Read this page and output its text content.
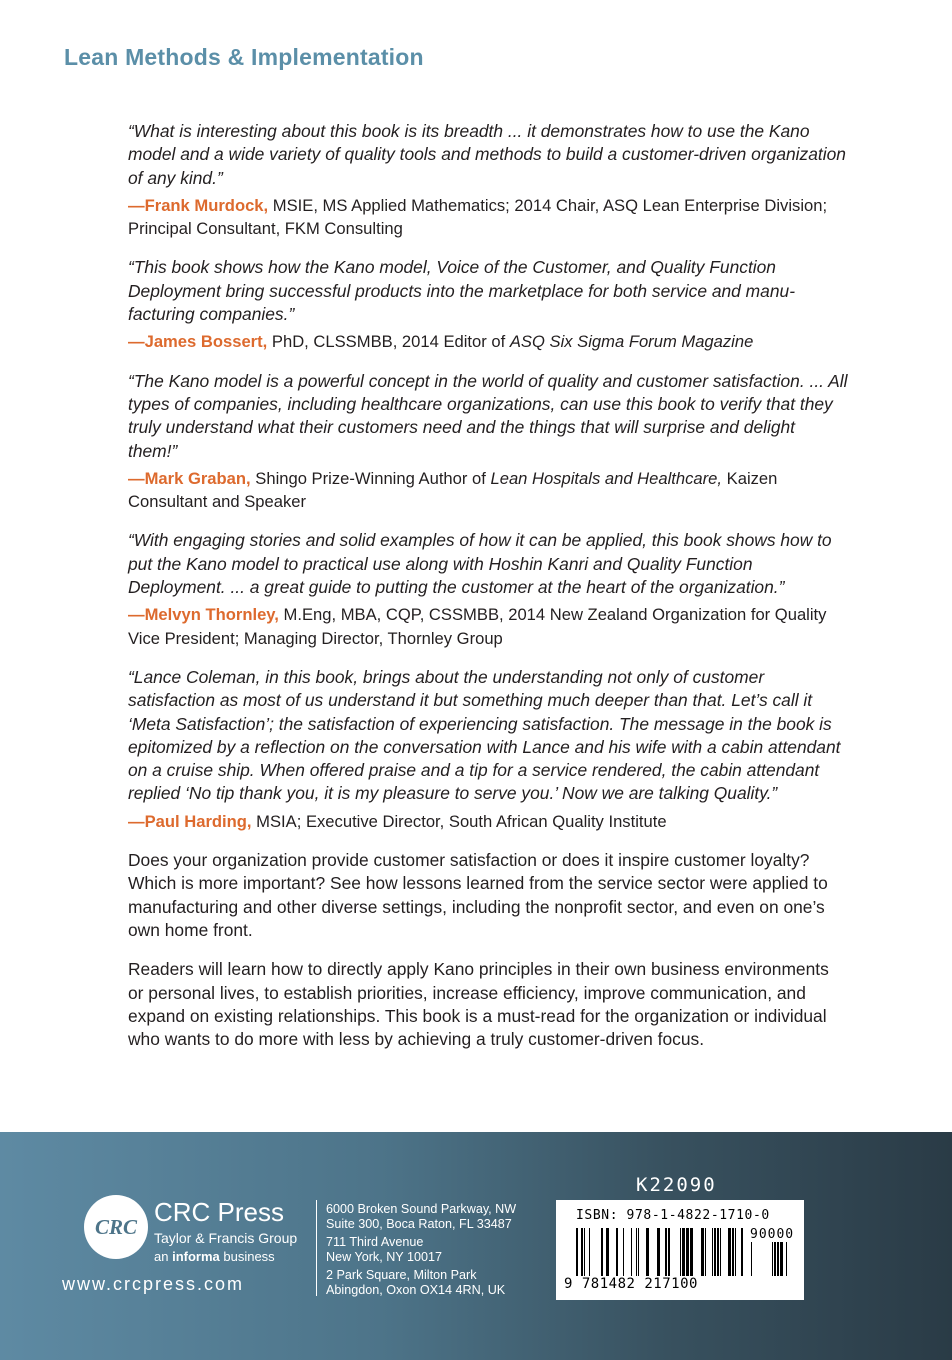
Lean Methods & Implementation

“What is interesting about this book is its breadth ... it demonstrates how to use the Kano model and a wide variety of quality tools and methods to build a customer-driven organization of any kind.”

—Frank Murdock, MSIE, MS Applied Mathematics; 2014 Chair, ASQ Lean Enterprise Division; Principal Consultant, FKM Consulting

“This book shows how the Kano model, Voice of the Customer, and Quality Function Deployment bring successful products into the marketplace for both service and manufacturing companies.”

—James Bossert, PhD, CLSSMBB, 2014 Editor of ASQ Six Sigma Forum Magazine

“The Kano model is a powerful concept in the world of quality and customer satisfaction. ... All types of companies, including healthcare organizations, can use this book to verify that they truly understand what their customers need and the things that will surprise and delight them!”

—Mark Graban, Shingo Prize-Winning Author of Lean Hospitals and Healthcare, Kaizen Consultant and Speaker

“With engaging stories and solid examples of how it can be applied, this book shows how to put the Kano model to practical use along with Hoshin Kanri and Quality Function Deployment. ... a great guide to putting the customer at the heart of the organization.”

—Melvyn Thornley, M.Eng, MBA, CQP, CSSMBB, 2014 New Zealand Organization for Quality Vice President; Managing Director, Thornley Group

“Lance Coleman, in this book, brings about the understanding not only of customer satisfaction as most of us understand it but something much deeper than that. Let’s call it ‘Meta Satisfaction’; the satisfaction of experiencing satisfaction. The message in the book is epitomized by a reflection on the conversation with Lance and his wife with a cabin attendant on a cruise ship. When offered praise and a tip for a service rendered, the cabin attendant replied ‘No tip thank you, it is my pleasure to serve you.’ Now we are talking Quality.”

—Paul Harding, MSIA; Executive Director, South African Quality Institute

Does your organization provide customer satisfaction or does it inspire customer loyalty? Which is more important? See how lessons learned from the service sector were applied to manufacturing and other diverse settings, including the nonprofit sector, and even on one’s own home front.

Readers will learn how to directly apply Kano principles in their own business environments or personal lives, to establish priorities, increase efficiency, improve communication, and expand on existing relationships. This book is a must-read for the organization or individual who wants to do more with less by achieving a truly customer-driven focus.

CRC CRC Press
Taylor & Francis Group
an informa business
www.crcpress.com
6000 Broken Sound Parkway, NW
Suite 300, Boca Raton, FL 33487
711 Third Avenue
New York, NY 10017
2 Park Square, Milton Park
Abingdon, Oxon OX14 4RN, UK
K22090
ISBN: 978-1-4822-1710-0
90000
9 781482 217100
